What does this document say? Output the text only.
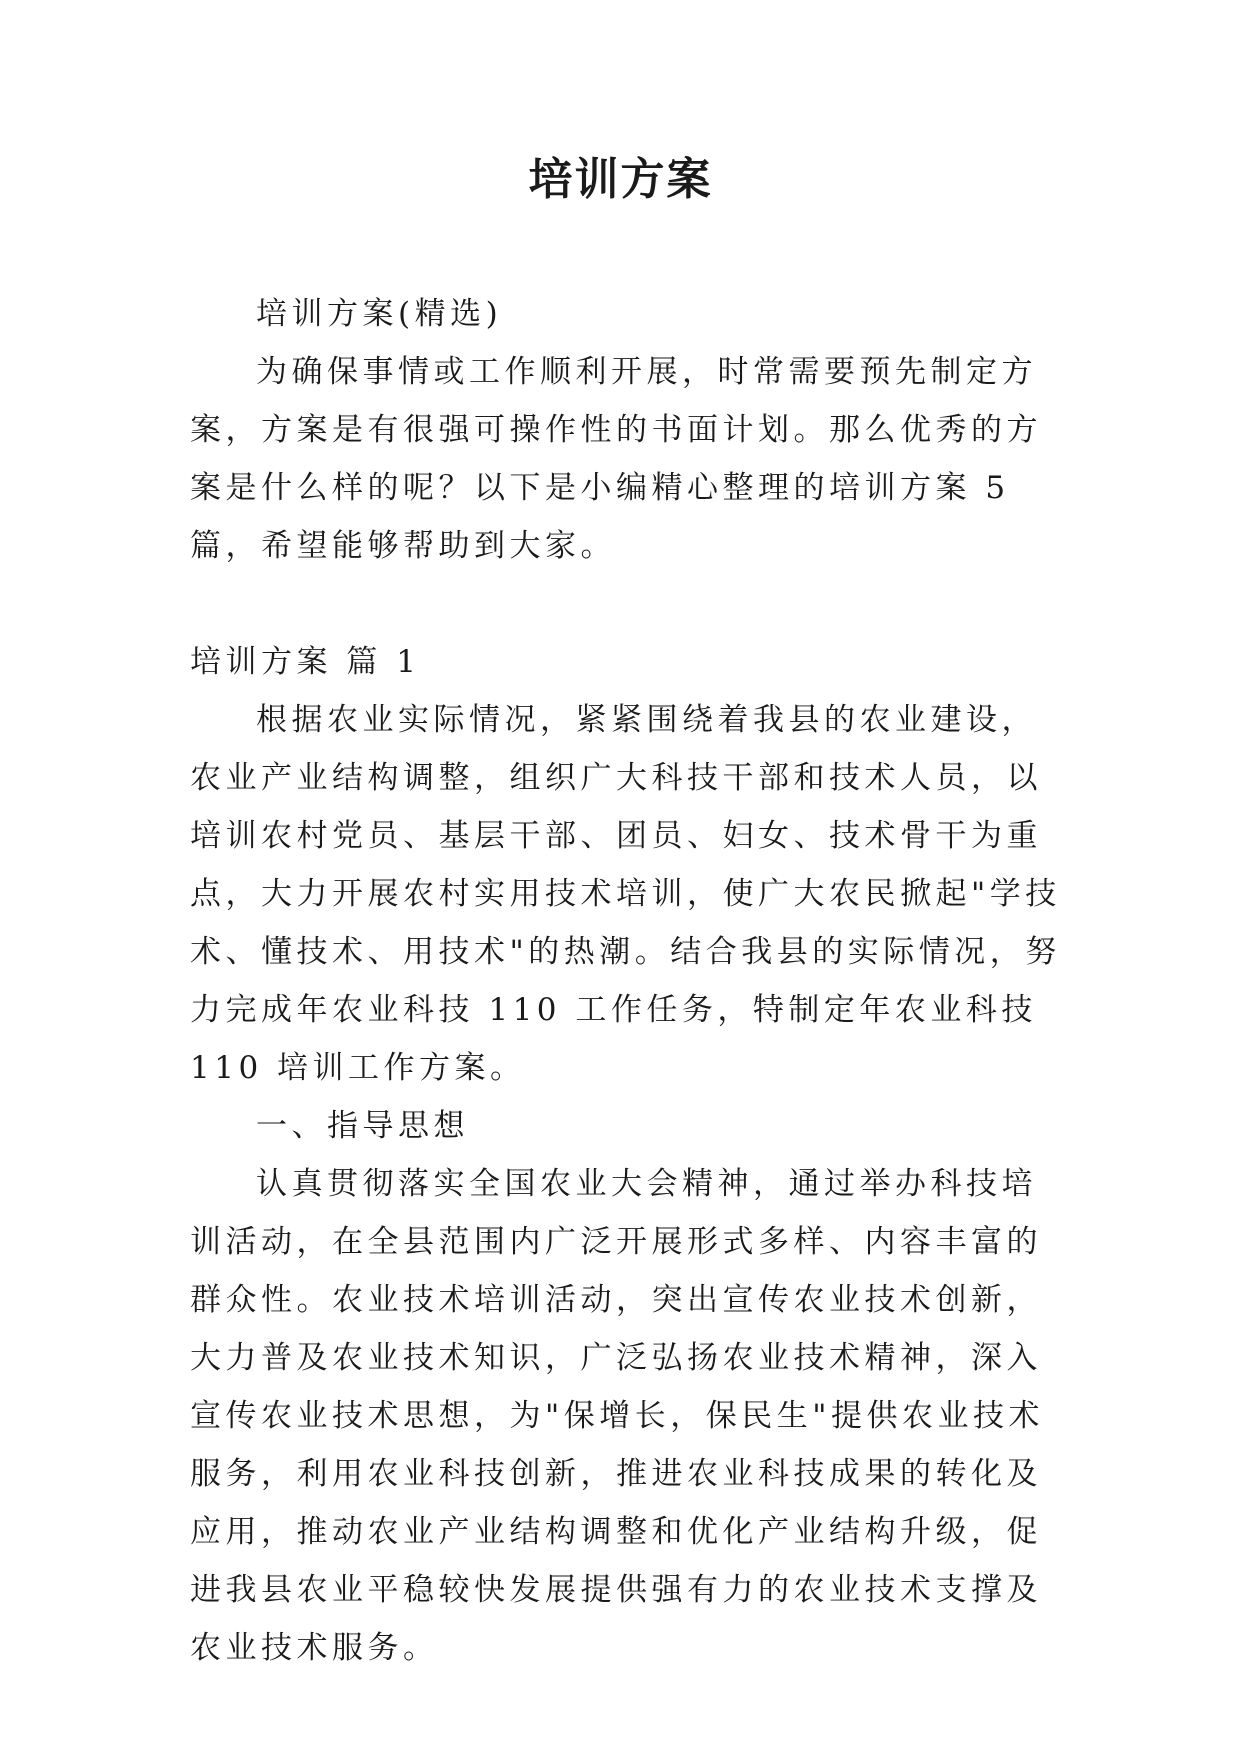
培训方案

培训方案(精选)

为确保事情或工作顺利开展，时常需要预先制定方案，方案是有很强可操作性的书面计划。那么优秀的方案是什么样的呢？以下是小编精心整理的培训方案 5 篇，希望能够帮助到大家。

培训方案 篇 1

根据农业实际情况，紧紧围绕着我县的农业建设，农业产业结构调整，组织广大科技干部和技术人员，以培训农村党员、基层干部、团员、妇女、技术骨干为重点，大力开展农村实用技术培训，使广大农民掀起"学技术、懂技术、用技术"的热潮。结合我县的实际情况，努力完成年农业科技 110 工作任务，特制定年农业科技 110 培训工作方案。

一、指导思想

认真贯彻落实全国农业大会精神，通过举办科技培训活动，在全县范围内广泛开展形式多样、内容丰富的群众性。农业技术培训活动，突出宣传农业技术创新，大力普及农业技术知识，广泛弘扬农业技术精神，深入宣传农业技术思想，为"保增长，保民生"提供农业技术服务，利用农业科技创新，推进农业科技成果的转化及应用，推动农业产业结构调整和优化产业结构升级，促进我县农业平稳较快发展提供强有力的农业技术支撑及农业技术服务。
